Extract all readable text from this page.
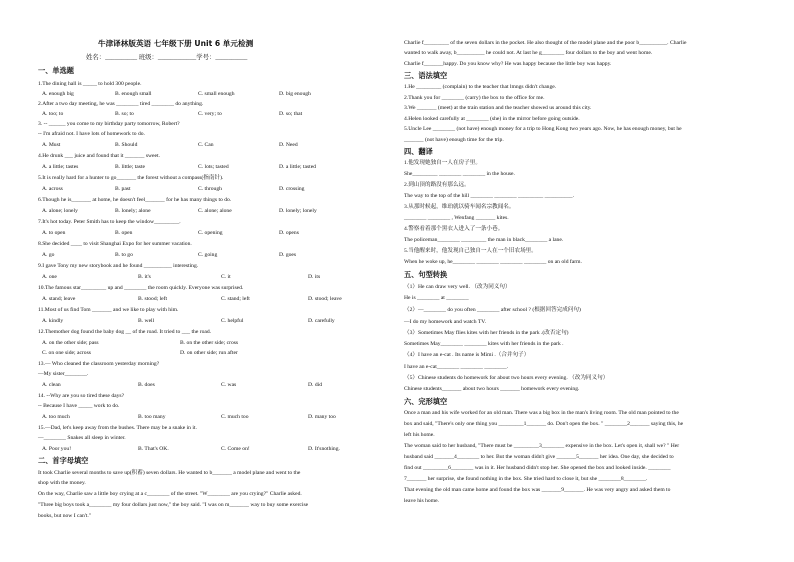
牛津译林版英语 七年级下册 Unit 6 单元检测
姓名：__________ 班级：____________学号：__________
一、单选题
1.The dining hall is _____ to hold 300 people.
A. enough big	B. enough small	C. small enough	D. big enough
2.After a two day meeting, he was ________ tired ________ do anything.
A. too; to	B. so; to	C. very; to	D. so; that
3. -- ______ you come to my birthday party tomorrow, Robert?
-- I'm afraid not. I have lots of homework to do.
A. Must	B. Should	C. Can	D. Need
4.He drunk ___ juice and found that it _______ sweet.
A. a little; tastes	B. little; taste	C. lots; tasted	D. a little; tasted
5.It is really hard for a hunter to go_______ the forest without a compass(指南针).
A. across	B. past	C. through	D. crossing
6.Though he is_______ at home, he doesn't feel_______ for he has many things to do.
A. alone; lonely	B. lonely; alone	C. alone; alone	D. lonely; lonely
7.It's hot today. Peter Smith has to keep the window_________.
A. to open	B. open	C. opening	D. opens
8.She decided ____ to visit Shanghai Expo for her summer vacation.
A. go	B. to go	C. going	D. goes
9.I gave Tony my new storybook and he found __________ interesting.
A. one	B. it's	C. it	D. its
10.The famous star_________ up and ________ the room quickly. Everyone was surprised.
A. stand; leave	B. stood; left	C. stand; left	D. stood; leave
11.Most of us find Tom _______ and we like to play with him.
A. kindly	B. well	C. helpful	D. carefully
12.Themother dog found the baby dog __ of the road. It tried to ___ the road.
A. on the other side; pass	B. on the other side; cross
C. on one side; across	D. on other side; run after
13.— Who cleaned the classroom yesterday morning?
—My sister________.
A. clean	B. does	C. was	D. did
14. --Why are you so tired these days?
-- Because I have _____ work to do.
A. too much	B. too many	C. much too	D. many too
15.—Dad, let's keep away from the bushes. There may be a snake in it.
—________ Snakes all sleep in winter.
A. Poor you!	B. That's OK.	C. Come on!	D. It'snothing.
二、首字母填空
It took Charlie several months to save up(积蓄) seven dollars. He wanted to b_______ a model plane and went to the
shop with the money.
On the way, Charlie saw a little boy crying at a c________ of the street. "W________ are you crying?" Charlie asked.
"Three big boys took a________ my four dollars just now," the boy said. "I was on m_______ way to buy some exercise
books, but now I can't."
Charlie f_________ of the seven dollars in the pocket. He also thought of the model plane and the poor b__________. Charlie
wanted to walk away, b__________ he could not. At last he g________ four dollars to the boy and went home.
Charlie f_______happy. Do you know why? He was happy because the little boy was happy.
三、语法填空
1.He _________ (complain) to the teacher that lmngs didn't change.
2.Thank you for ________ (carry) the box to the office for me.
3.We _______ (meet) at the train station and the teacher showed us around this city.
4.Helen looked carefully at ________ (she) in the mirror before going outside.
5.Uncle Lee ________ (not have) enough money for a trip to Hong Kong two years ago. Now, he has enough money, but he
_______ (not have) enough time for the trip.
四、翻译
1.他发现她独自一人在房子里。
She_________ ________ ________ in the house.
2.到山顶的路没有那么远。
The way to the top of the hill ________ ________ _________ __________.
3.从那时候起，维珀就以骑车闻名宗教闻名。
________ ________ , Wenfang _______ kites.
4.警察看着那个黑衣人进入了一条小巷。
The policeman________ _________ the man in black________ a lane.
5.当他醒来时，他发现自己独自一人在一个旧农场里。
When he woke up, he________ ________ ________ ________ on an old farm.
五、句型转换
（1）He can draw very well. （改为同义句）
He is ________ at ________
（2）—________ do you often ________ after school ? (根据回答完成问句)
—I do my homework and watch TV.
（3）Sometimes May flies kites with her friends in the park .(改否定句)
Sometimes May________ ________ kites with her friends in the park .
（4）I have an e-cat . Its name is Mimi .（合并句子）
I have an e-cat________ ________ ________.
（5）Chinese students do homework for about two hours every evening. （改为同义句）
Chinese students_______ about two hours _______ homework every evening.
六、完形填空
Once a man and his wife worked for an old man. There was a big box in the man's living room. The old man pointed to the
box and said, "There's only one thing you _________1_______ do. Don't open the box. " ________2_______ saying this, he
left his home.
The woman said to her husband, "There must be _________3________ expensive in the box. Let's open it, shall we? " Her
husband said _______4________ to her. But the woman didn't give _______5_______ her idea. One day, she decided to
find out _________6________ was in it. Her husband didn't stop her. She opened the box and looked inside. ________
7_______ her surprise, she found nothing in the box. She tried hard to close it, but she ________8________.
That evening the old man came home and found the box was _______9_______. He was very angry and asked them to
leave his home.
